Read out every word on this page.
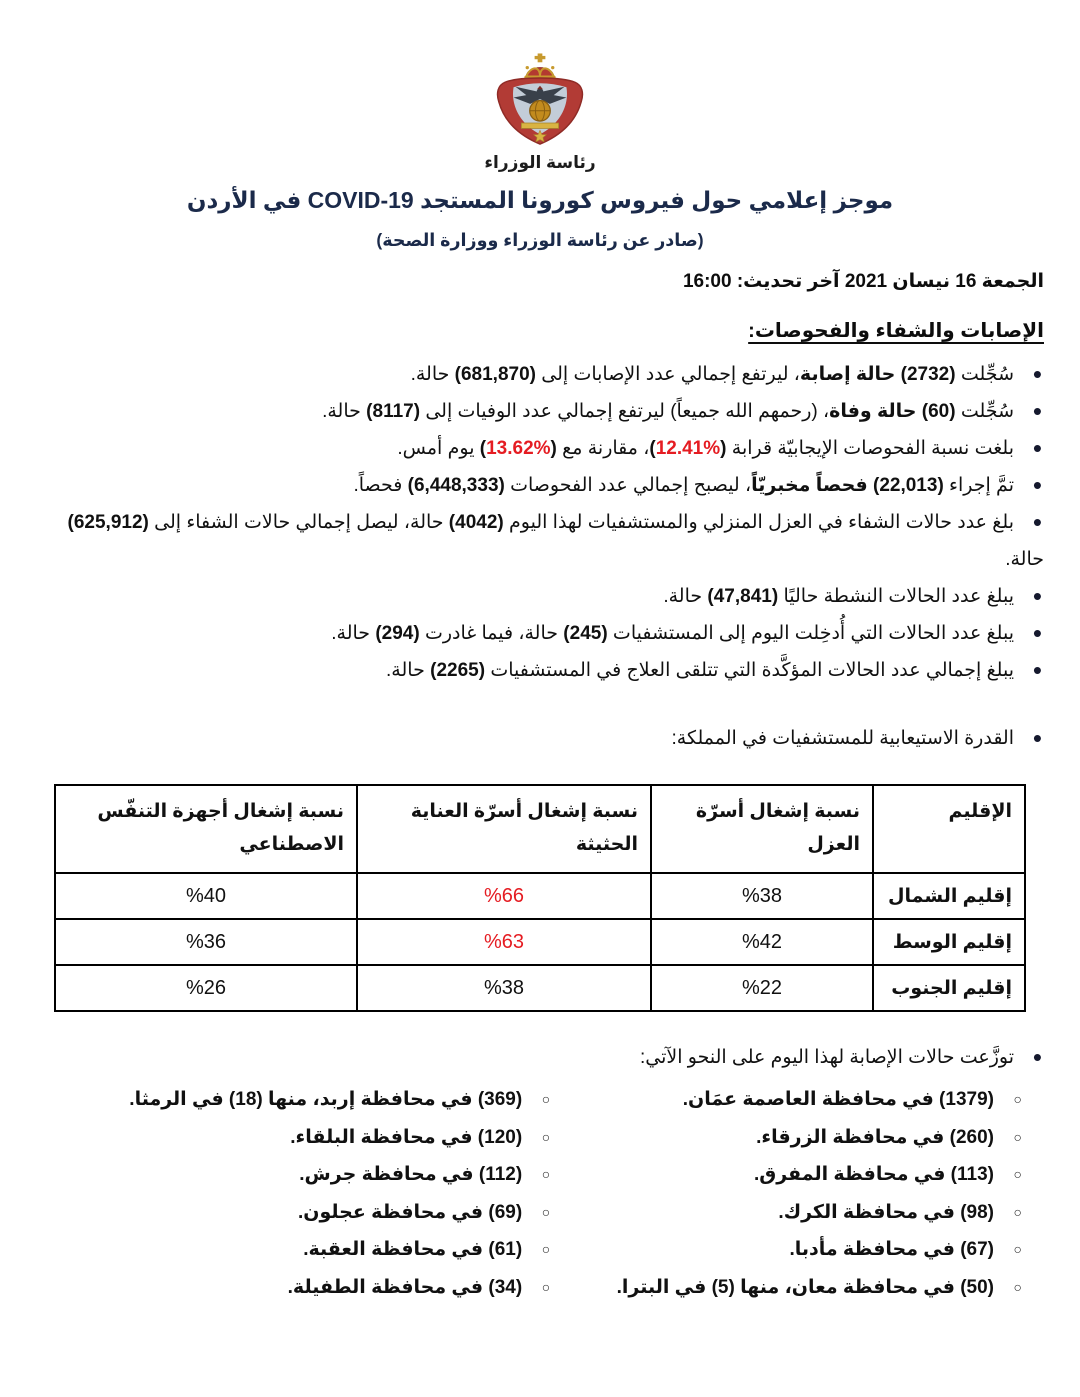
رئاسة الوزراء
موجز إعلامي حول فيروس كورونا المستجد COVID-19 في الأردن
(صادر عن رئاسة الوزراء ووزارة الصحة)
الجمعة 16 نيسان 2021 آخر تحديث: 16:00
الإصابات والشفاء والفحوصات:
• سُجِّلت (2732) حالة إصابة، ليرتفع إجمالي عدد الإصابات إلى (681,870) حالة.
• سُجِّلت (60) حالة وفاة، (رحمهم الله جميعاً) ليرتفع إجمالي عدد الوفيات إلى (8117) حالة.
• بلغت نسبة الفحوصات الإيجابيّة قرابة (%12.41)، مقارنة مع (%13.62) يوم أمس.
• تمَّ إجراء (22,013) فحصاً مخبريّاً، ليصبح إجمالي عدد الفحوصات (6,448,333) فحصاً.
• بلغ عدد حالات الشفاء في العزل المنزلي والمستشفيات لهذا اليوم (4042) حالة، ليصل إجمالي حالات الشفاء إلى (625,912) حالة.
• يبلغ عدد الحالات النشطة حاليًا (47,841) حالة.
• يبلغ عدد الحالات التي أُدخِلت اليوم إلى المستشفيات (245) حالة، فيما غادرت (294) حالة.
• يبلغ إجمالي عدد الحالات المؤكَّدة التي تتلقى العلاج في المستشفيات (2265) حالة.
• القدرة الاستيعابية للمستشفيات في المملكة:
الإقليم	نسبة إشغال أسرّة العزل	نسبة إشغال أسرّة العناية الحثيثة	نسبة إشغال أجهزة التنفّس الاصطناعي
إقليم الشمال	%38	%66	%40
إقليم الوسط	%42	%63	%36
إقليم الجنوب	%22	%38	%26
• توزَّعت حالات الإصابة لهذا اليوم على النحو الآتي:
○ (1379) في محافظة العاصمة عمَان.
○ (260) في محافظة الزرقاء.
○ (113) في محافظة المفرق.
○ (98) في محافظة الكرك.
○ (67) في محافظة مأدبا.
○ (50) في محافظة معان، منها (5) في البترا.
○ (369) في محافظة إربد، منها (18) في الرمثا.
○ (120) في محافظة البلقاء.
○ (112) في محافظة جرش.
○ (69) في محافظة عجلون.
○ (61) في محافظة العقبة.
○ (34) في محافظة الطفيلة.
